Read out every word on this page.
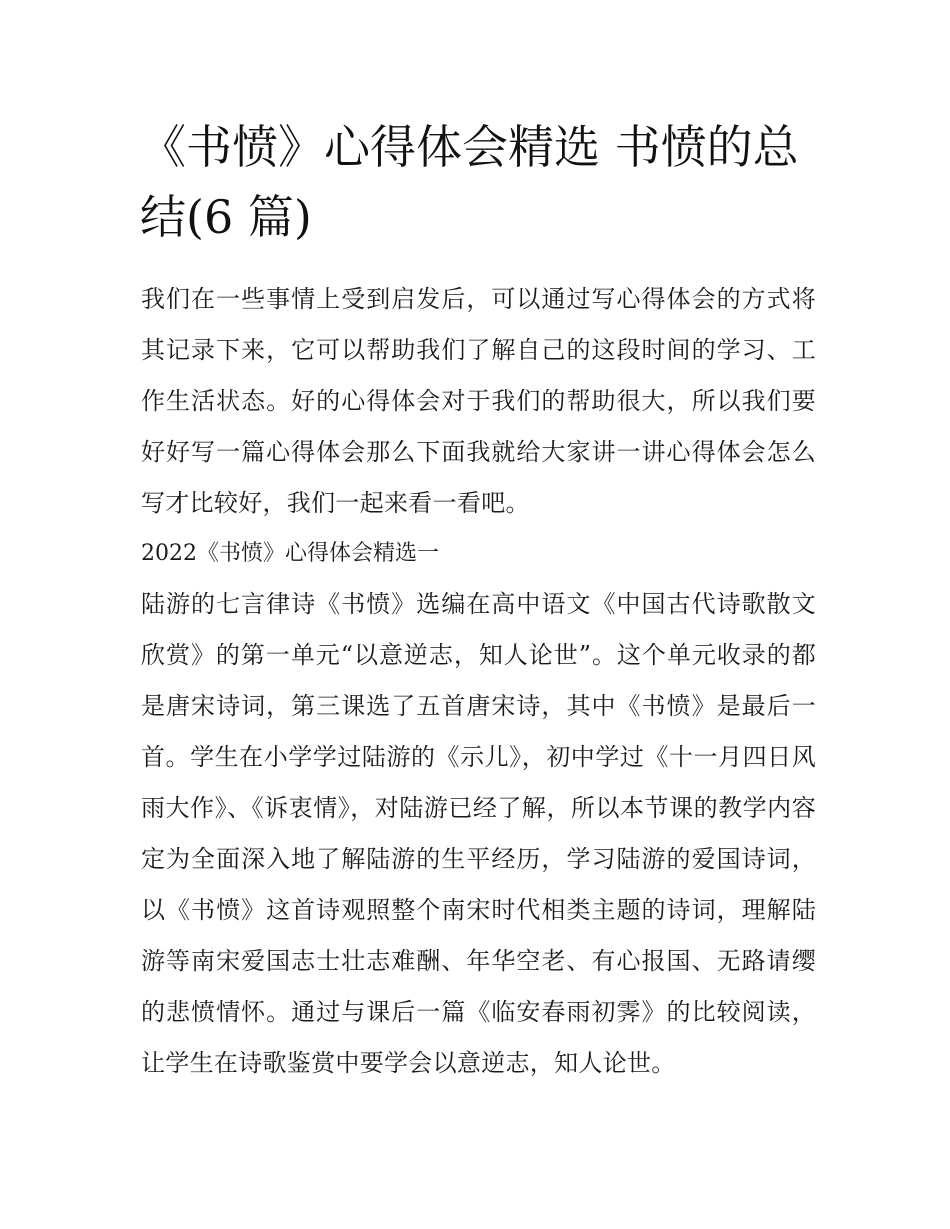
《书愤》心得体会精选 书愤的总结(6 篇)

我们在一些事情上受到启发后，可以通过写心得体会的方式将其记录下来，它可以帮助我们了解自己的这段时间的学习、工作生活状态。好的心得体会对于我们的帮助很大，所以我们要好好写一篇心得体会那么下面我就给大家讲一讲心得体会怎么写才比较好，我们一起来看一看吧。

2022《书愤》心得体会精选一

陆游的七言律诗《书愤》选编在高中语文《中国古代诗歌散文欣赏》的第一单元“以意逆志，知人论世”。这个单元收录的都是唐宋诗词，第三课选了五首唐宋诗，其中《书愤》是最后一首。学生在小学学过陆游的《示儿》，初中学过《十一月四日风雨大作》、《诉衷情》，对陆游已经了解，所以本节课的教学内容定为全面深入地了解陆游的生平经历，学习陆游的爱国诗词，以《书愤》这首诗观照整个南宋时代相类主题的诗词，理解陆游等南宋爱国志士壮志难酬、年华空老、有心报国、无路请缨的悲愤情怀。通过与课后一篇《临安春雨初霁》的比较阅读，让学生在诗歌鉴赏中要学会以意逆志，知人论世。
